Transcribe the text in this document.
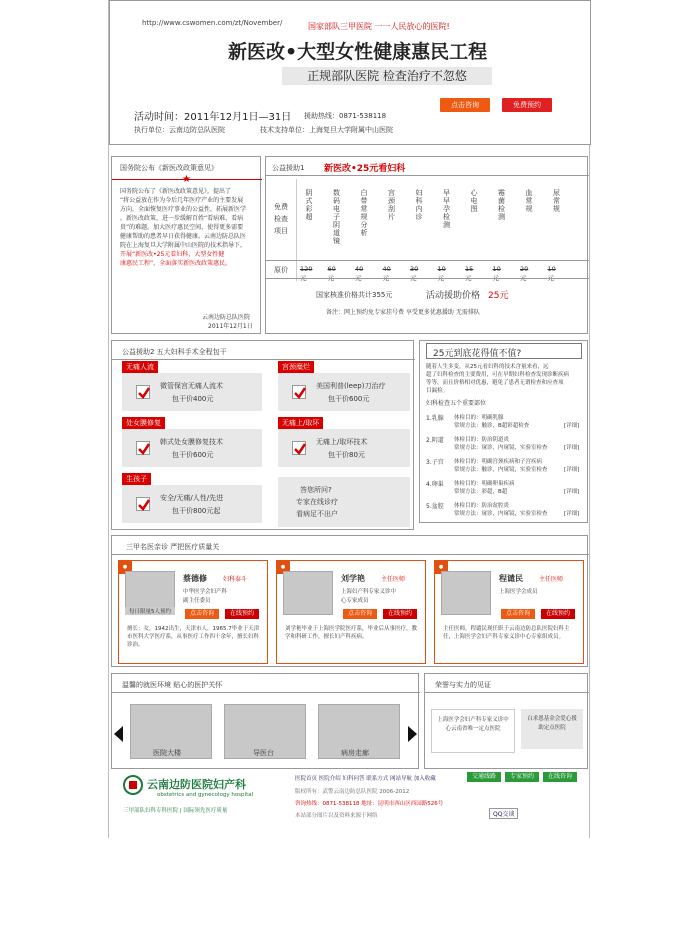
http://www.cswomen.com/zt/November/	国家部队三甲医院 一一人民放心的医院!
新医改•大型女性健康惠民工程
正规部队医院 检查治疗不忽悠
点击咨询	免费预约
活动时间：2011年12月1日—31日 援助热线：0871-538118
执行单位：云南边防总队医院	技术支持单位：上海复旦大学附属中山医院
国务院公布《新医改政策意见》
★
国务院公布了《新医改政策意见》，提出了
“将公益放在作为今后几年医疗产业的主要发展
方向，全面恢复医疗事业的公益性，拓展新医学
，新医改政策，进一步缓解百姓“看病难，看病
贵”的难题。加大医疗惠民空间，使得更多需要
健康帮助的患者早日获得健康。云南边防总队医
院在上海复旦大学附属中山医院的技术指导下，
开展“新医改•25元看妇科，大型女性健
康惠民工程”，全面落实新医改政策惠民。
云南边防总队医院
2011年12月1日
公益援助1 新医改•25元看妇科
免费检查项目
阴式彩超
120元
数码电子阴道镜
60元
白带常规分析
40元
宫颈刮片
40元
妇科内诊
30元
早早孕检测
10元
心电图
15元
霉菌检测
10元
血常规
20元
尿常规
10元
原价
国家核准价格共计355元	活动援助价格 25元
备注：网上预约免专家挂号费 享受更多优惠援助 无需排队
公益援助2 五大妇科手术全程包干
微管保宫无痛人流术
包干价400元
无痛人流
美国利普(leep)刀治疗
包干价600元
宫颈糜烂
韩式处女膜修复技术
包干价600元
处女膜修复
无痛上/取环技术
包干价80元
无痛上/取环
安全/无痛/人性/先进
包干价800元起
生孩子
答您所问?
专家在线诊疗
看病足不出户
25元到底花得值不值?
随着人生多变，从25元看妇科的技术含量来看，远
超了妇科检查的主要费用，可在早期妇科检查发现诊断疾病
等等，而且价格相对优惠，避免了患者无谓检查和应查项
目漏检。
妇科检查五个重要部位
1.乳腺 体检目的：明确乳腺
常规方法：触诊，B超彩超检查	[详细]
2.阴道 体检目的：防治阴道炎
常规方法：窥诊，内窥镜，实验室检查	[详细]
3.子宫 体检目的：明确宫颈疾病和子宫疾病
常规方法：触诊，内窥镜，实验室检查	[详细]
4.卵巢 体检目的：明确卵巢疾病
常规方法：彩超，B超	[详细]
5.盆腔 体检目的：防治盆腔炎
常规方法：窥诊，内窥镜，实验室检查	[详细]
三甲名医亲诊 严把医疗质量关
●
每日限量5人预约
蔡德修	妇科泰斗
中华医学会妇产科
副主任委员
点击咨询	在线预约
擅长：女，1942出生，天津市人，1965.7毕业于天津市医科大学医疗系，从事医疗工作四十余年，擅长妇科诊治。
●
刘学艳	主任医师
上海妇产科专家义诊中
心专家成员
点击咨询	在线预约
刘学艳毕业于上海医学院医疗系，毕业后从事医疗，教学和科研工作，擅长妇产科疾病。
●
程谴民	主任医师
上海医学会成员
点击咨询	在线预约
主任医师，程谴民现任职于云南边防总队医院妇科主任，上海医学会妇产科专家义诊中心专家组成员。
温馨的就医环境 贴心的医护关怀
医院大楼	导医台	病房走廊
荣誉与实力的见证
上海医学会妇产科专家义诊中心云南省唯一定点医院
白求恩基金会爱心援助定点医院
云南边防医院妇产科
obstetrics and gynecology hospital
三甲部队妇科专科医院 | 国际领先医疗质量
医院首页 医院介绍 妇科问答 联系方式 网站导航 加入收藏	交通线路	专家预约	在线咨询
版权所有：武警云南边防总队医院 2006-2012
咨询热线：0871-538118 地址：昆明市西山区西园路526号
本站部分图片以及资料来源于网络	QQ交谈
